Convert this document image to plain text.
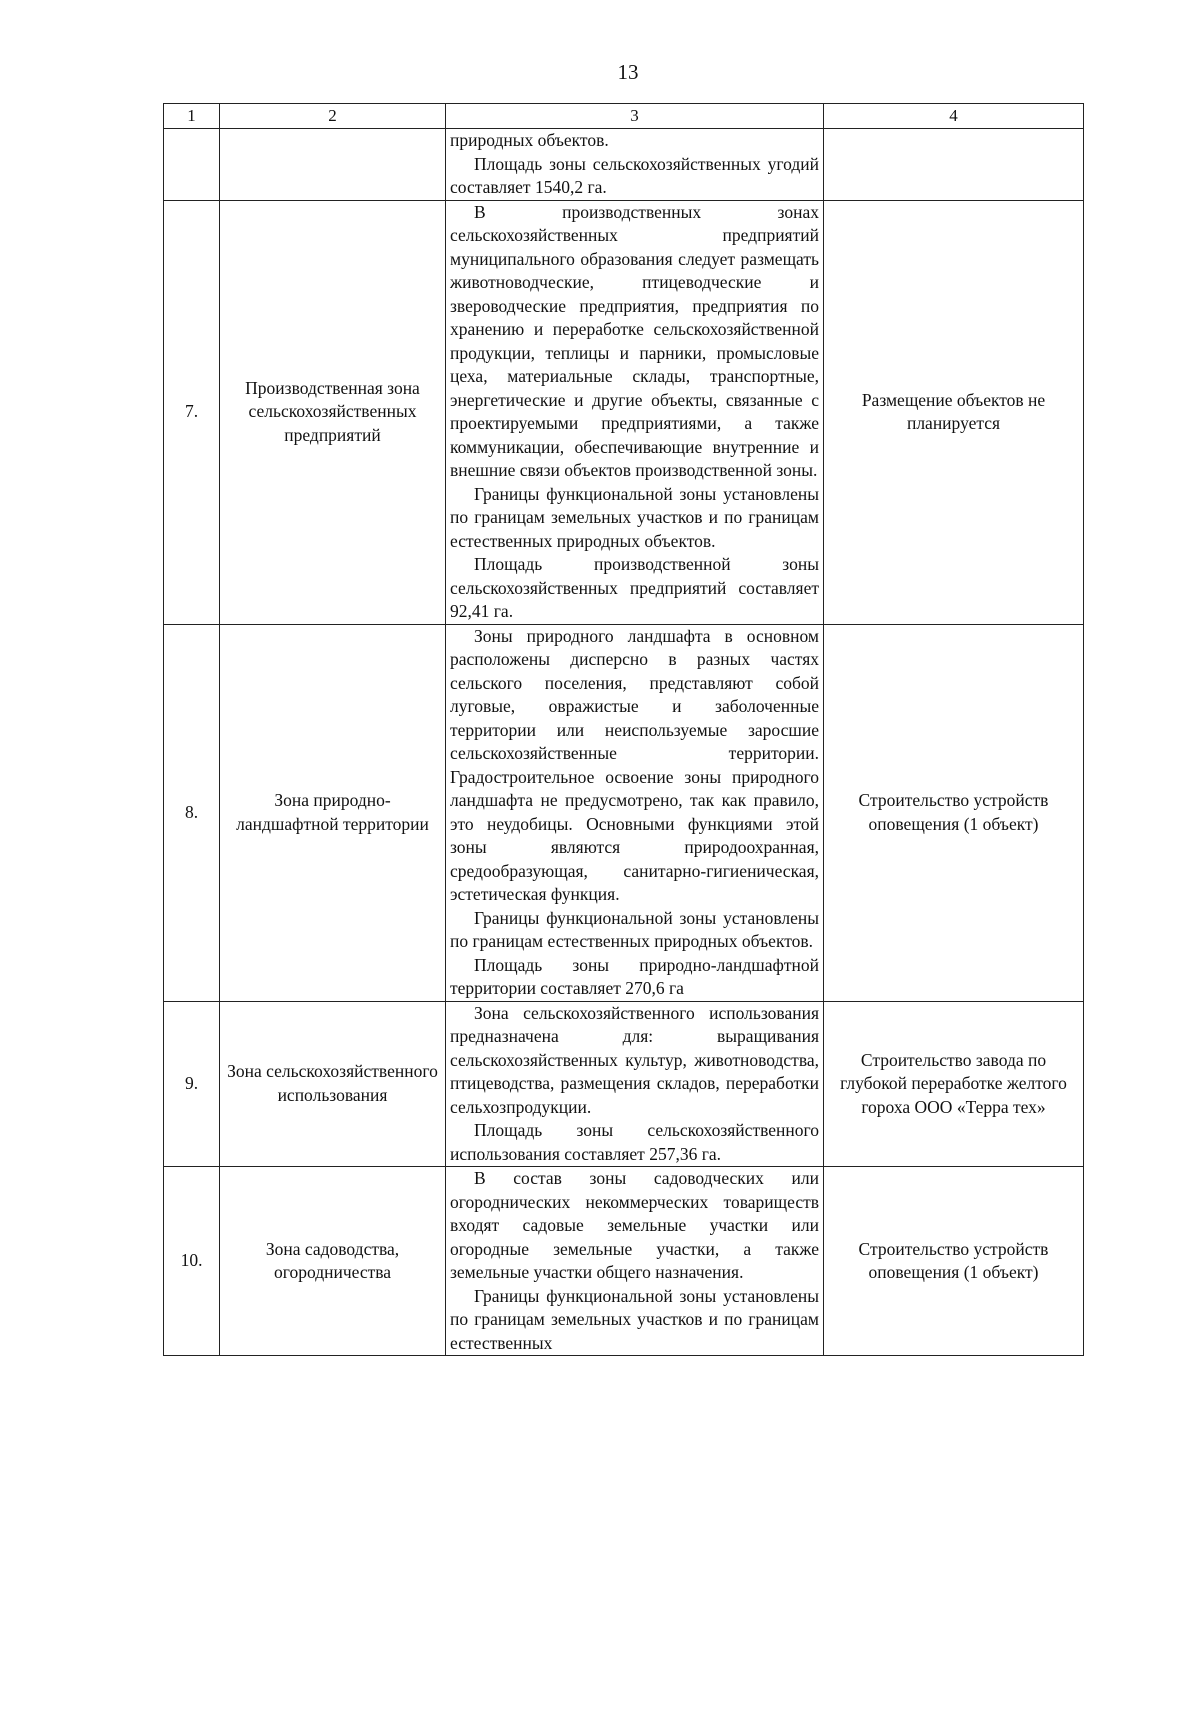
13
1	2	3	4

		природных объектов.
Площадь зоны сельскохозяйственных угодий составляет 1540,2 га.	

7.	Производственная зона сельскохозяйственных предприятий	В производственных зонах сельскохозяйственных предприятий муниципального образования следует размещать животноводческие, птицеводческие и звероводческие предприятия, предприятия по хранению и переработке сельскохозяйственной продукции, теплицы и парники, промысловые цеха, материальные склады, транспортные, энергетические и другие объекты, связанные с проектируемыми предприятиями, а также коммуникации, обеспечивающие внутренние и внешние связи объектов производственной зоны.
Границы функциональной зоны установлены по границам земельных участков и по границам естественных природных объектов.
Площадь производственной зоны сельскохозяйственных предприятий составляет 92,41 га.	Размещение объектов не планируется
8.	Зона природно-ландшафтной территории	Зоны природного ландшафта в основном расположены дисперсно в разных частях сельского поселения, представляют собой луговые, овражистые и заболоченные территории или неиспользуемые заросшие сельскохозяйственные территории. Градостроительное освоение зоны природного ландшафта не предусмотрено, так как правило, это неудобицы. Основными функциями этой зоны являются природоохранная, средообразующая, санитарно-гигиеническая, эстетическая функция.
Границы функциональной зоны установлены по границам естественных природных объектов.
Площадь зоны природно-ландшафтной территории составляет 270,6 га	Строительство устройств оповещения (1 объект)
9.	Зона сельскохозяйственного использования	Зона сельскохозяйственного использования предназначена для: выращивания сельскохозяйственных культур, животноводства, птицеводства, размещения складов, переработки сельхозпродукции.
Площадь зоны сельскохозяйственного использования составляет 257,36 га.	Строительство завода по глубокой переработке желтого гороха ООО «Терра тех»
10.	Зона садоводства, огородничества	В состав зоны садоводческих или огороднических некоммерческих товариществ входят садовые земельные участки или огородные земельные участки, а также земельные участки общего назначения.
Границы функциональной зоны установлены по границам земельных участков и по границам естественных	Строительство устройств оповещения (1 объект)
